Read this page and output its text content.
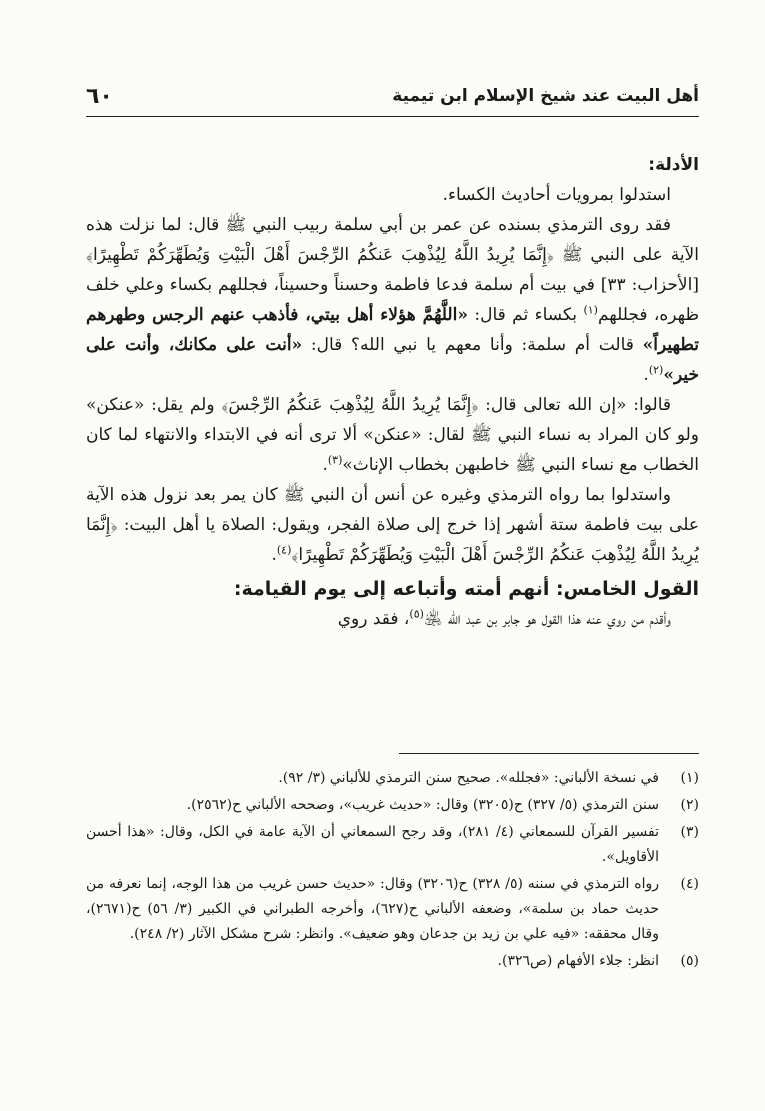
أهل البيت عند شيخ الإسلام ابن تيمية
٦٠

الأدلة:

استدلوا بمرويات أحاديث الكساء.

فقد روى الترمذي بسنده عن عمر بن أبي سلمة ربيب النبي ﷺ قال: لما نزلت هذه الآية على النبي ﷺ ﴿إِنَّمَا يُرِيدُ اللَّهُ لِيُذْهِبَ عَنكُمُ الرِّجْسَ أَهْلَ الْبَيْتِ وَيُطَهِّرَكُمْ تَطْهِيرًا﴾ [الأحزاب: ٣٣] في بيت أم سلمة فدعا فاطمة وحسناً وحسيناً، فجللهم بكساء وعلي خلف ظهره، فجللهم$^{(١)}$ بكساء ثم قال: «اللَّهُمَّ هؤلاء أهل بيتي، فأذهب عنهم الرجس وطهرهم تطهيراً» قالت أم سلمة: وأنا معهم يا نبي الله؟ قال: «أنت على مكانك، وأنت على خير»$^{(٢)}$.

قالوا: «إن الله تعالى قال: ﴿إِنَّمَا يُرِيدُ اللَّهُ لِيُذْهِبَ عَنكُمُ الرِّجْسَ﴾ ولم يقل: «عنكن» ولو كان المراد به نساء النبي ﷺ لقال: «عنكن» ألا ترى أنه في الابتداء والانتهاء لما كان الخطاب مع نساء النبي ﷺ خاطبهن بخطاب الإناث»$^{(٣)}$.

واستدلوا بما رواه الترمذي وغيره عن أنس أن النبي ﷺ كان يمر بعد نزول هذه الآية على بيت فاطمة ستة أشهر إذا خرج إلى صلاة الفجر، ويقول: الصلاة يا أهل البيت: ﴿إِنَّمَا يُرِيدُ اللَّهُ لِيُذْهِبَ عَنكُمُ الرِّجْسَ أَهْلَ الْبَيْتِ وَيُطَهِّرَكُمْ تَطْهِيرًا﴾$^{(٤)}$.

القول الخامس: أنهم أمته وأتباعه إلى يوم القيامة:

وأقدم من روي عنه هذا القول هو جابر بن عبد الله ﵁$^{(٥)}$، فقد روي

(١)
في نسخة الألباني: «فجلله». صحيح سنن الترمذي للألباني (٣/ ٩٢).
(٢)
سنن الترمذي (٥/ ٣٢٧) ح(٣٢٠٥) وقال: «حديث غريب»، وصححه الألباني ح(٢٥٦٢).
(٣)
تفسير القرآن للسمعاني (٤/ ٢٨١)، وقد رجح السمعاني أن الآية عامة في الكل، وقال: «هذا أحسن الأقاويل».
(٤)
رواه الترمذي في سننه (٥/ ٣٢٨) ح(٣٢٠٦) وقال: «حديث حسن غريب من هذا الوجه، إنما نعرفه من حديث حماد بن سلمة»، وضعفه الألباني ح(٦٢٧)، وأخرجه الطبراني في الكبير (٣/ ٥٦) ح(٢٦٧١)، وقال محققه: «فيه علي بن زيد بن جدعان وهو ضعيف». وانظر: شرح مشكل الآثار (٢/ ٢٤٨).
(٥)
انظر: جلاء الأفهام (ص٣٢٦).
